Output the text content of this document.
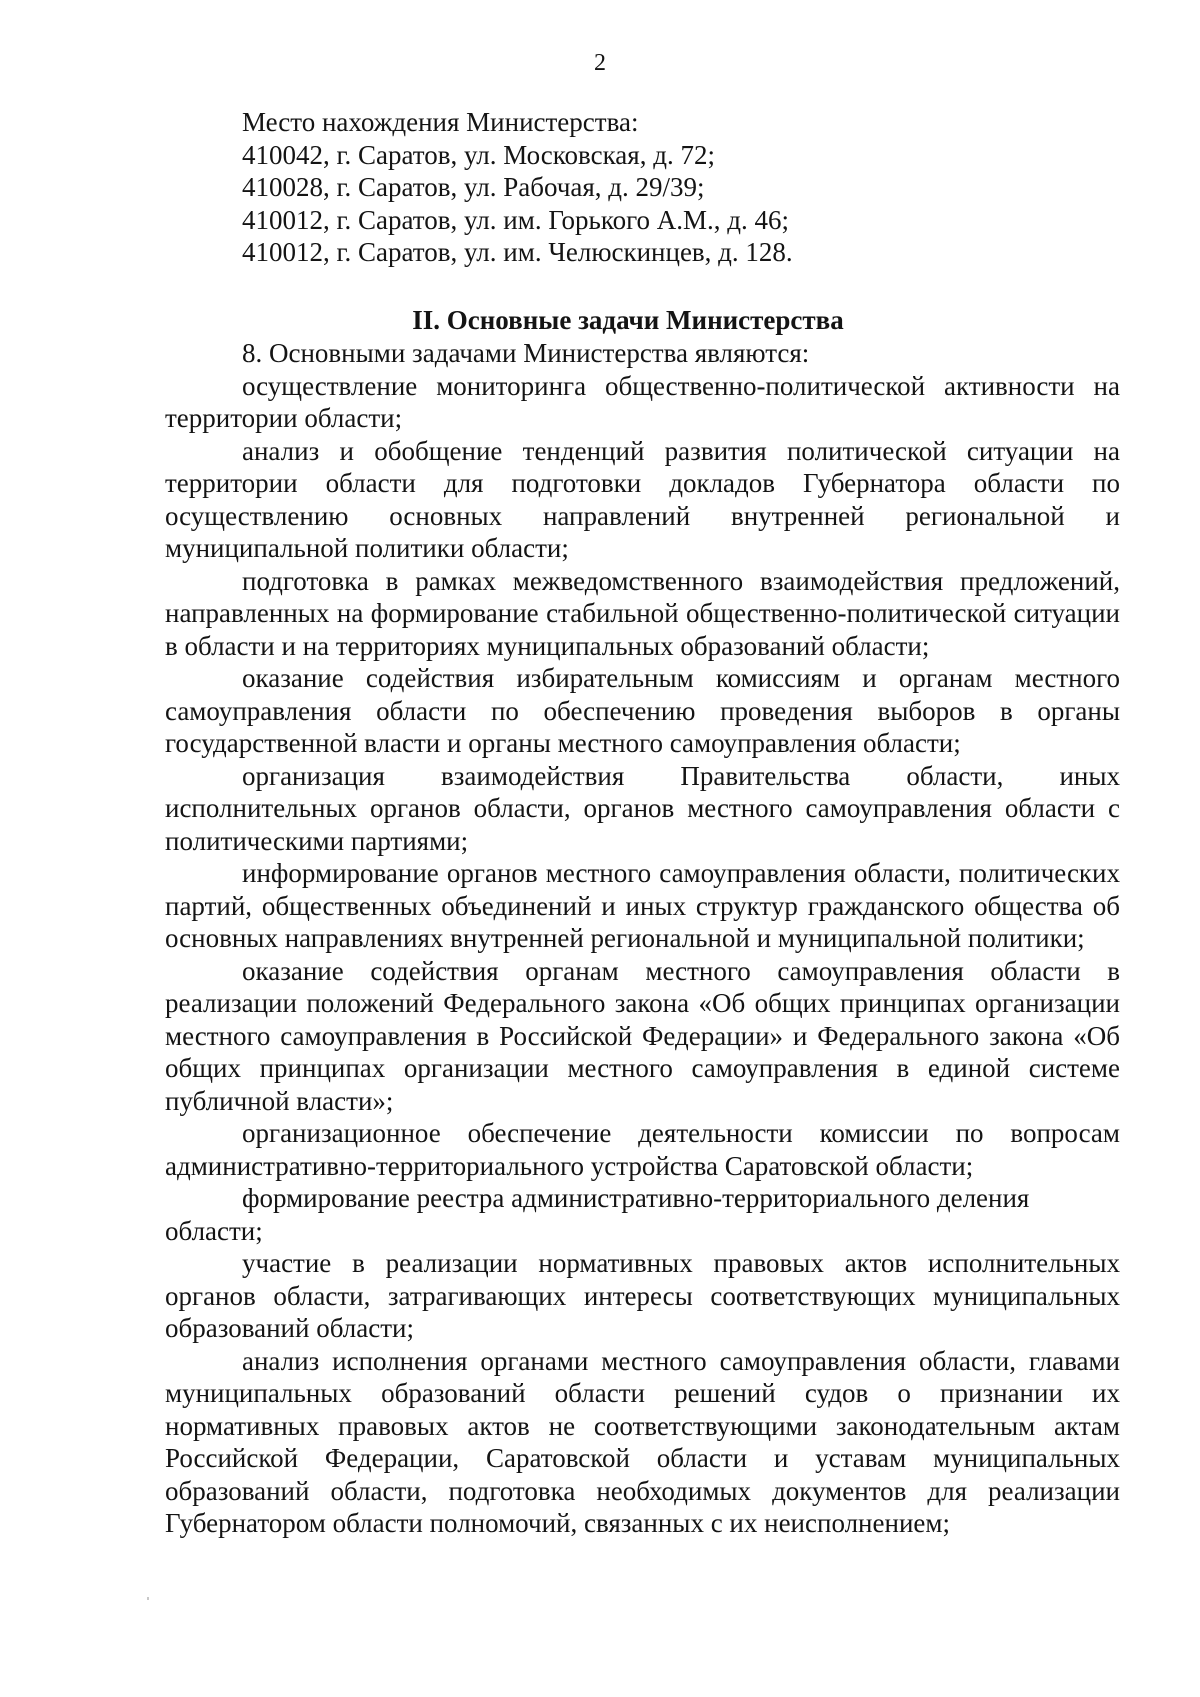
2
Место нахождения Министерства:
410042, г. Саратов, ул. Московская, д. 72;
410028, г. Саратов, ул. Рабочая, д. 29/39;
410012, г. Саратов, ул. им. Горького А.М., д. 46;
410012, г. Саратов, ул. им. Челюскинцев, д. 128.
II. Основные задачи Министерства

8. Основными задачами Министерства являются:

осуществление мониторинга общественно-политической активности на территории области;

анализ и обобщение тенденций развития политической ситуации на территории области для подготовки докладов Губернатора области по осуществлению основных направлений внутренней региональной и муниципальной политики области;

подготовка в рамках межведомственного взаимодействия предложений, направленных на формирование стабильной общественно-политической ситуации в области и на территориях муниципальных образований области;

оказание содействия избирательным комиссиям и органам местного самоуправления области по обеспечению проведения выборов в органы государственной власти и органы местного самоуправления области;

организация взаимодействия Правительства области, иных исполнительных органов области, органов местного самоуправления области с политическими партиями;

информирование органов местного самоуправления области, политических партий, общественных объединений и иных структур гражданского общества об основных направлениях внутренней региональной и муниципальной политики;

оказание содействия органам местного самоуправления области в реализации положений Федерального закона «Об общих принципах организации местного самоуправления в Российской Федерации» и Федерального закона «Об общих принципах организации местного самоуправления в единой системе публичной власти»;

организационное обеспечение деятельности комиссии по вопросам административно-территориального устройства Саратовской области;

формирование реестра административно-территориального деления области;

участие в реализации нормативных правовых актов исполнительных органов области, затрагивающих интересы соответствующих муниципальных образований области;

анализ исполнения органами местного самоуправления области, главами муниципальных образований области решений судов о признании их нормативных правовых актов не соответствующими законодательным актам Российской Федерации, Саратовской области и уставам муниципальных образований области, подготовка необходимых документов для реализации Губернатором области полномочий, связанных с их неисполнением;
